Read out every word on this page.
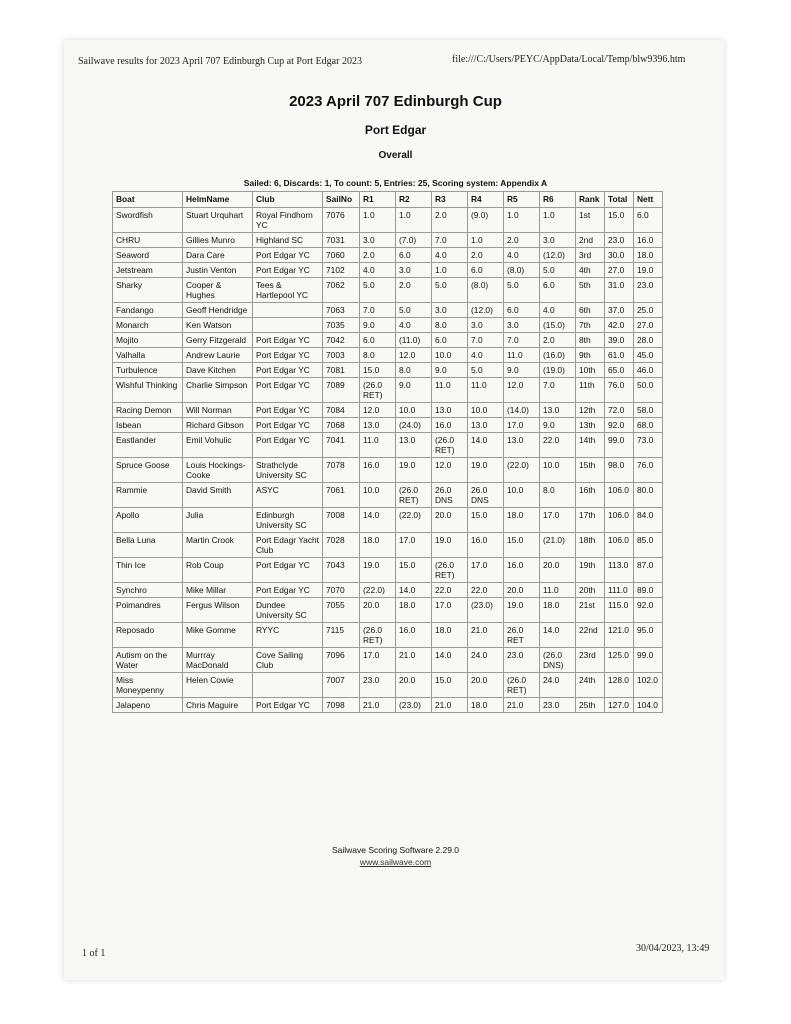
Sailwave results for 2023 April 707 Edinburgh Cup at Port Edgar 2023	file:///C:/Users/PEYC/AppData/Local/Temp/blw9396.htm
2023 April 707 Edinburgh Cup
Port Edgar
Overall
Sailed: 6, Discards: 1, To count: 5, Entries: 25, Scoring system: Appendix A
Boat	HelmName	Club	SailNo	R1	R2	R3	R4	R5	R6	Rank	Total	Nett
Swordfish	Stuart Urquhart	Royal Findhorn YC	7076	1.0	1.0	2.0	(9.0)	1.0	1.0	1st	15.0	6.0
CHRU	Gillies Munro	Highland SC	7031	3.0	(7.0)	7.0	1.0	2.0	3.0	2nd	23.0	16.0
Seaword	Dara Care	Port Edgar YC	7060	2.0	6.0	4.0	2.0	4.0	(12.0)	3rd	30.0	18.0
Jetstream	Justin Venton	Port Edgar YC	7102	4.0	3.0	1.0	6.0	(8.0)	5.0	4th	27.0	19.0
Sharky	Cooper & Hughes	Tees & Hartlepool YC	7062	5.0	2.0	5.0	(8.0)	5.0	6.0	5th	31.0	23.0
Fandango	Geoff Hendridge		7063	7.0	5.0	3.0	(12.0)	6.0	4.0	6th	37.0	25.0
Monarch	Ken Watson		7035	9.0	4.0	8.0	3.0	3.0	(15.0)	7th	42.0	27.0
Mojito	Gerry Fitzgerald	Port Edgar YC	7042	6.0	(11.0)	6.0	7.0	7.0	2.0	8th	39.0	28.0
Valhalla	Andrew Laurie	Port Edgar YC	7003	8.0	12.0	10.0	4.0	11.0	(16.0)	9th	61.0	45.0
Turbulence	Dave Kitchen	Port Edgar YC	7081	15.0	8.0	9.0	5.0	9.0	(19.0)	10th	65.0	46.0
Wishful Thinking	Charlie Simpson	Port Edgar YC	7089	(26.0 RET)	9.0	11.0	11.0	12.0	7.0	11th	76.0	50.0
Racing Demon	Will Norman	Port Edgar YC	7084	12.0	10.0	13.0	10.0	(14.0)	13.0	12th	72.0	58.0
Isbean	Richard Gibson	Port Edgar YC	7068	13.0	(24.0)	16.0	13.0	17.0	9.0	13th	92.0	68.0
Eastlander	Emil Vohulic	Port Edgar YC	7041	11.0	13.0	(26.0 RET)	14.0	13.0	22.0	14th	99.0	73.0
Spruce Goose	Louis Hockings-Cooke	Strathclyde University SC	7078	16.0	19.0	12.0	19.0	(22.0)	10.0	15th	98.0	76.0
Rammie	David Smith	ASYC	7061	10.0	(26.0 RET)	26.0 DNS	26.0 DNS	10.0	8.0	16th	106.0	80.0
Apollo	Julia	Edinburgh University SC	7008	14.0	(22.0)	20.0	15.0	18.0	17.0	17th	106.0	84.0
Bella Luna	Martin Crook	Port Edagr Yacht Club	7028	18.0	17.0	19.0	16.0	15.0	(21.0)	18th	106.0	85.0
Thin Ice	Rob Coup	Port Edgar YC	7043	19.0	15.0	(26.0 RET)	17.0	16.0	20.0	19th	113.0	87.0
Synchro	Mike Millar	Port Edgar YC	7070	(22.0)	14.0	22.0	22.0	20.0	11.0	20th	111.0	89.0
Poimandres	Fergus Wilson	Dundee University SC	7055	20.0	18.0	17.0	(23.0)	19.0	18.0	21st	115.0	92.0
Reposado	Mike Gomme	RYYC	7115	(26.0 RET)	16.0	18.0	21.0	26.0 RET	14.0	22nd	121.0	95.0
Autism on the Water	Murrray MacDonald	Cove Sailing Club	7096	17.0	21.0	14.0	24.0	23.0	(26.0 DNS)	23rd	125.0	99.0
Miss Moneypenny	Helen Cowie		7007	23.0	20.0	15.0	20.0	(26.0 RET)	24.0	24th	128.0	102.0
Jalapeno	Chris Maguire	Port Edgar YC	7098	21.0	(23.0)	21.0	18.0	21.0	23.0	25th	127.0	104.0
Sailwave Scoring Software 2.29.0
www.sailwave.com
1 of 1	30/04/2023, 13:49
